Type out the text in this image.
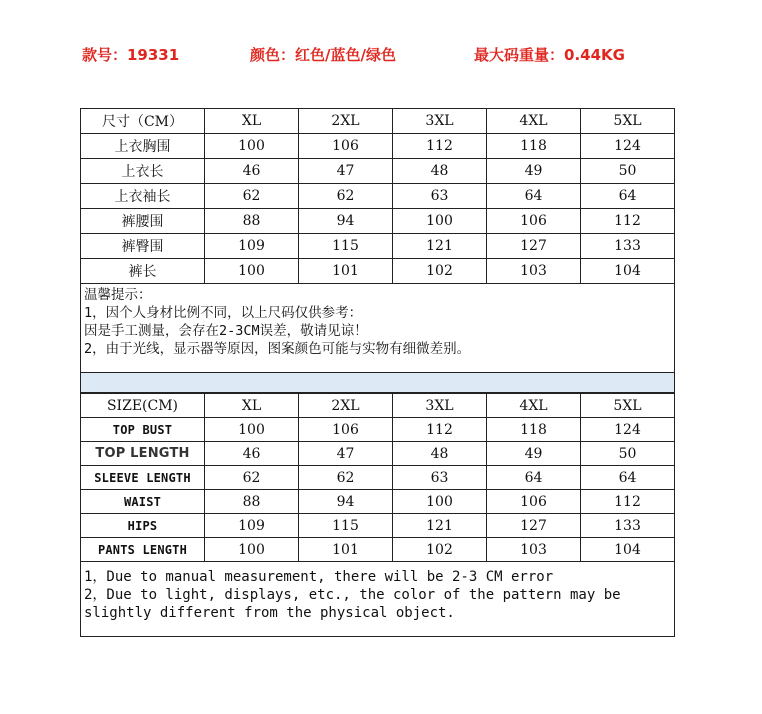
款号：19331	颜色：红色/蓝色/绿色	最大码重量：0.44KG
尺寸（CM）	XL	2XL	3XL	4XL	5XL
上衣胸围	100	106	112	118	124
上衣长	46	47	48	49	50
上衣袖长	62	62	63	64	64
裤腰围	88	94	100	106	112
裤臀围	109	115	121	127	133
裤长	100	101	102	103	104

温馨提示：
1，因个人身材比例不同，以上尺码仅供参考：
因是手工测量，会存在2-3CM误差，敬请见谅！
2，由于光线，显示器等原因，图案颜色可能与实物有细微差别。					

SIZE(CM)	XL	2XL	3XL	4XL	5XL
TOP BUST	100	106	112	118	124
TOP LENGTH	46	47	48	49	50
SLEEVE LENGTH	62	62	63	64	64
WAIST	88	94	100	106	112
HIPS	109	115	121	127	133
PANTS LENGTH	100	101	102	103	104

1，Due to manual measurement, there will be 2-3 CM error
2，Due to light, displays, etc., the color of the pattern may be
slightly different from the physical object.					
